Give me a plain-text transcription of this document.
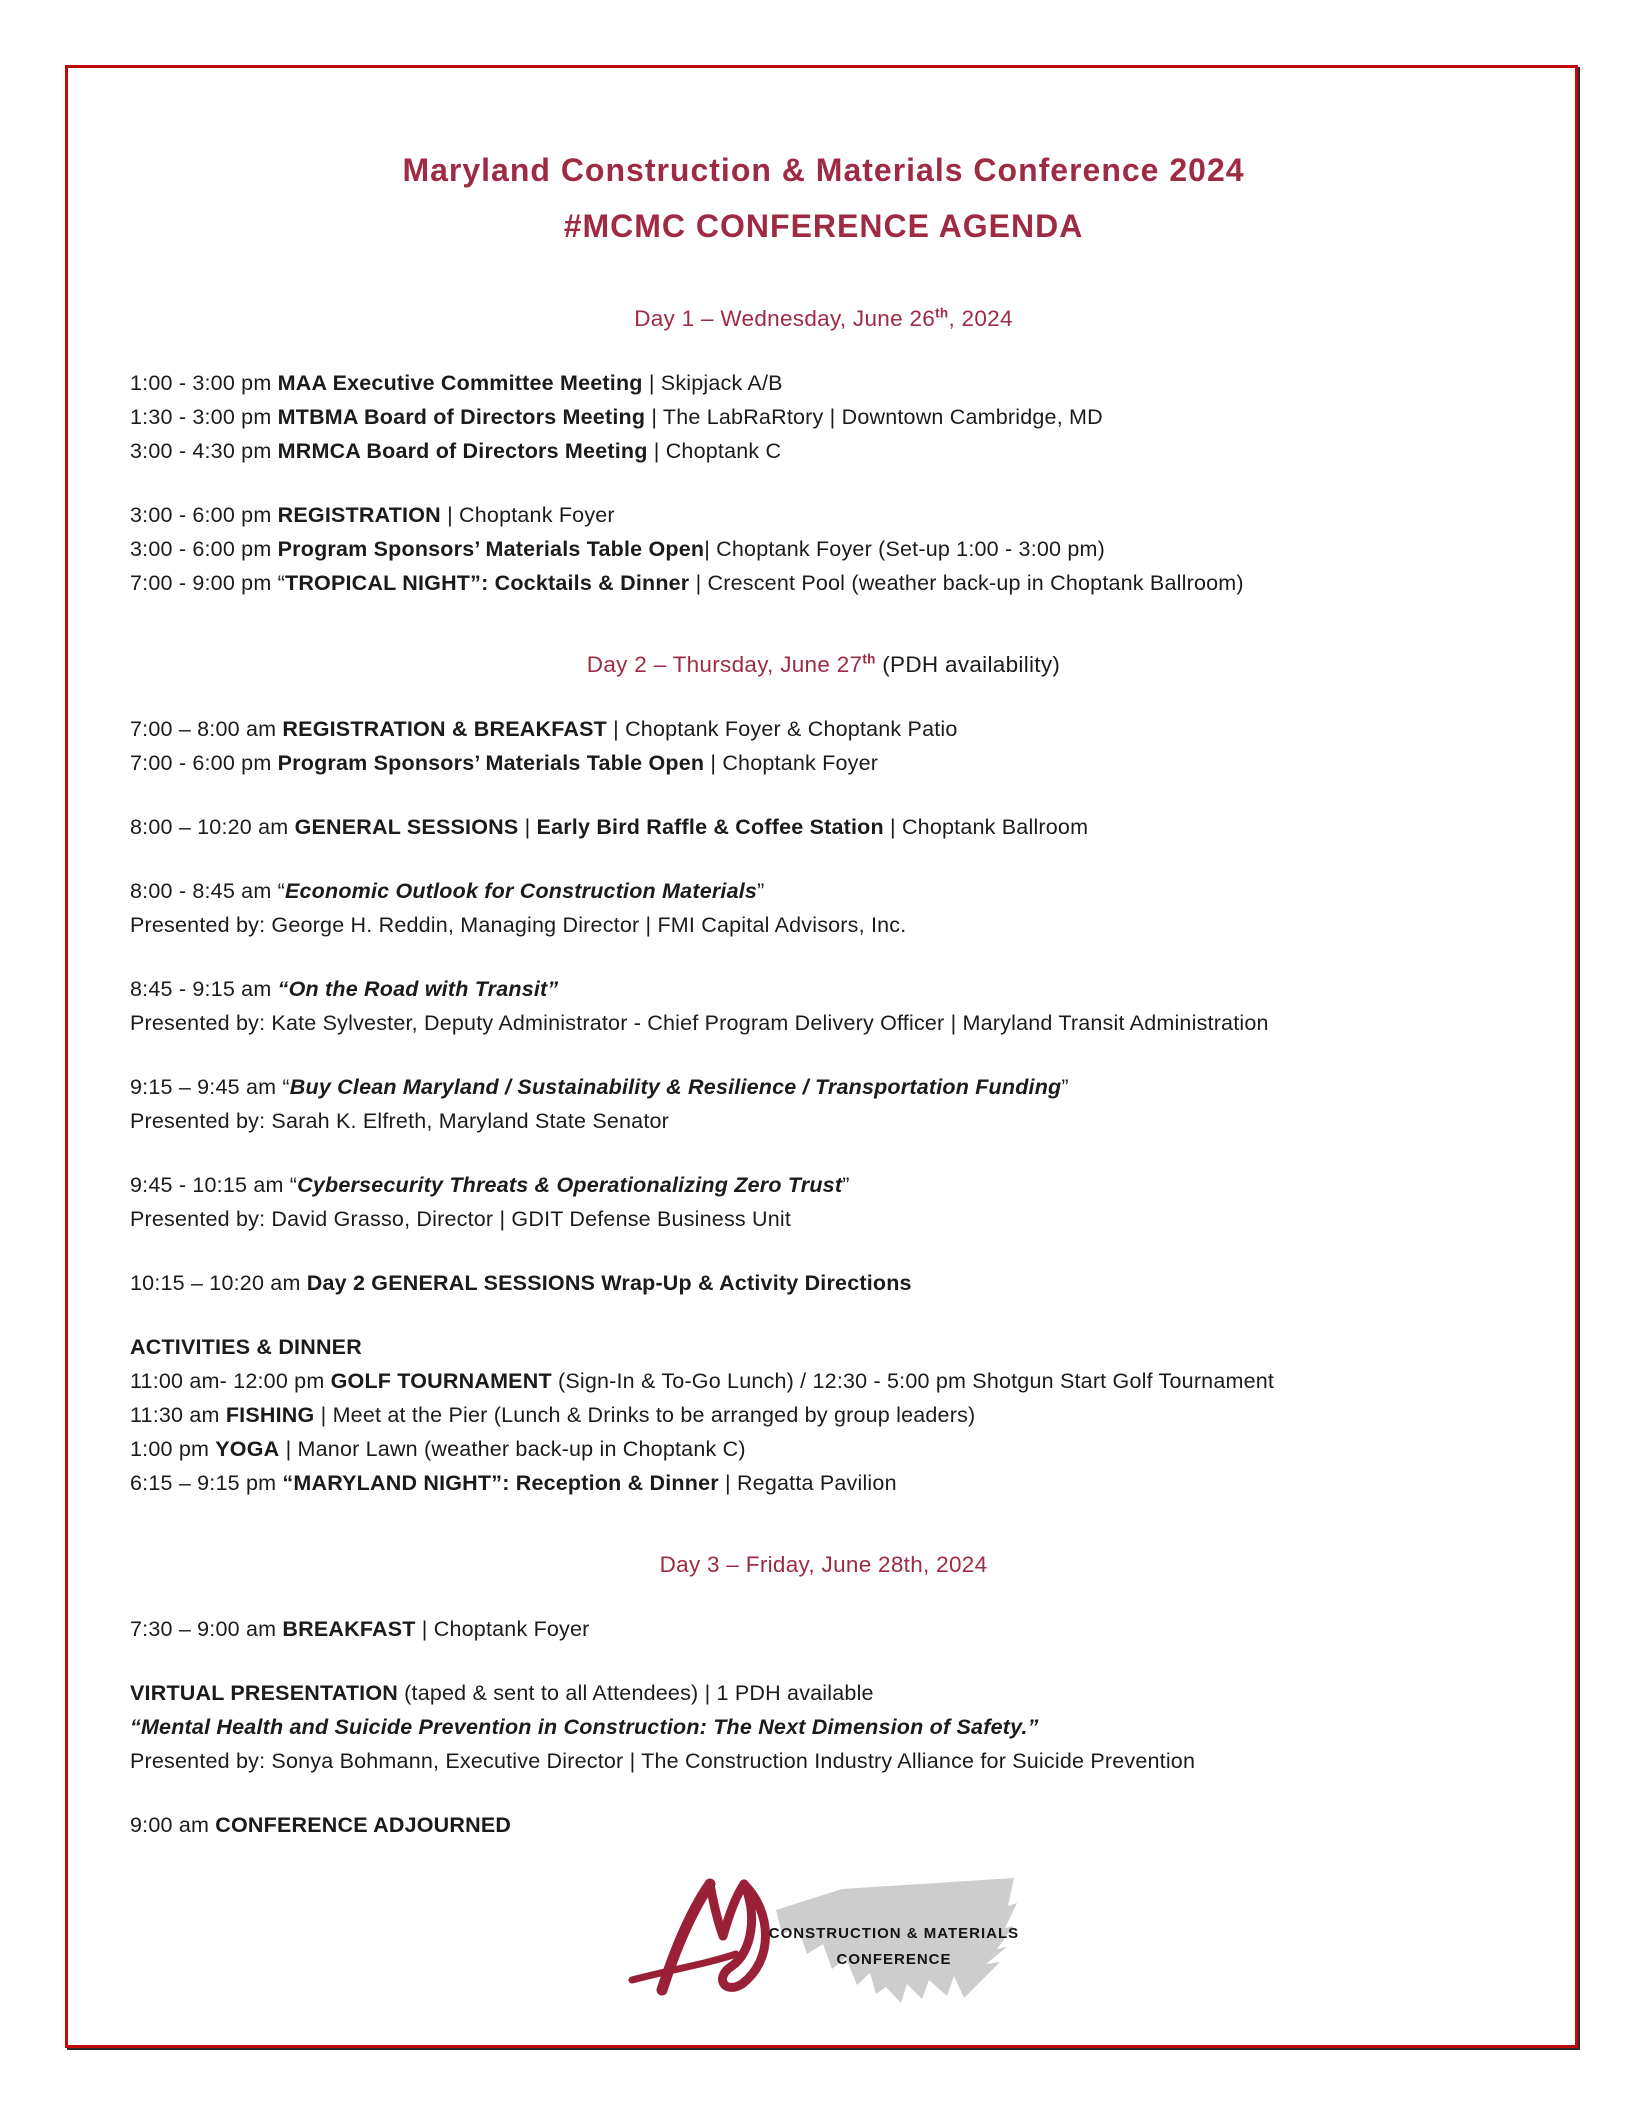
Maryland Construction & Materials Conference 2024
#MCMC CONFERENCE AGENDA
Day 1 – Wednesday, June 26th, 2024
1:00 - 3:00 pm MAA Executive Committee Meeting | Skipjack A/B
1:30 - 3:00 pm MTBMA Board of Directors Meeting | The LabRaRtory | Downtown Cambridge, MD
3:00 - 4:30 pm MRMCA Board of Directors Meeting | Choptank C
3:00 - 6:00 pm REGISTRATION | Choptank Foyer
3:00 - 6:00 pm Program Sponsors’ Materials Table Open| Choptank Foyer (Set-up 1:00 - 3:00 pm)
7:00 - 9:00 pm “TROPICAL NIGHT”: Cocktails & Dinner | Crescent Pool (weather back-up in Choptank Ballroom)
Day 2 – Thursday, June 27th (PDH availability)
7:00 – 8:00 am REGISTRATION & BREAKFAST | Choptank Foyer & Choptank Patio
7:00 - 6:00 pm Program Sponsors’ Materials Table Open | Choptank Foyer
8:00 – 10:20 am GENERAL SESSIONS | Early Bird Raffle & Coffee Station | Choptank Ballroom
8:00 - 8:45 am “Economic Outlook for Construction Materials”
Presented by: George H. Reddin, Managing Director | FMI Capital Advisors, Inc.
8:45 - 9:15 am “On the Road with Transit”
Presented by: Kate Sylvester, Deputy Administrator - Chief Program Delivery Officer | Maryland Transit Administration
9:15 – 9:45 am “Buy Clean Maryland / Sustainability & Resilience / Transportation Funding”
Presented by: Sarah K. Elfreth, Maryland State Senator
9:45 - 10:15 am “Cybersecurity Threats & Operationalizing Zero Trust”
Presented by: David Grasso, Director | GDIT Defense Business Unit
10:15 – 10:20 am Day 2 GENERAL SESSIONS Wrap-Up & Activity Directions
ACTIVITIES & DINNER
11:00 am- 12:00 pm GOLF TOURNAMENT (Sign-In & To-Go Lunch) / 12:30 - 5:00 pm Shotgun Start Golf Tournament
11:30 am FISHING | Meet at the Pier (Lunch & Drinks to be arranged by group leaders)
1:00 pm YOGA | Manor Lawn (weather back-up in Choptank C)
6:15 – 9:15 pm “MARYLAND NIGHT”: Reception & Dinner | Regatta Pavilion
Day 3 – Friday, June 28th, 2024
7:30 – 9:00 am BREAKFAST | Choptank Foyer
VIRTUAL PRESENTATION (taped & sent to all Attendees) | 1 PDH available
“Mental Health and Suicide Prevention in Construction: The Next Dimension of Safety.”
Presented by: Sonya Bohmann, Executive Director | The Construction Industry Alliance for Suicide Prevention
9:00 am CONFERENCE ADJOURNED
CONSTRUCTION & MATERIALS
CONFERENCE
